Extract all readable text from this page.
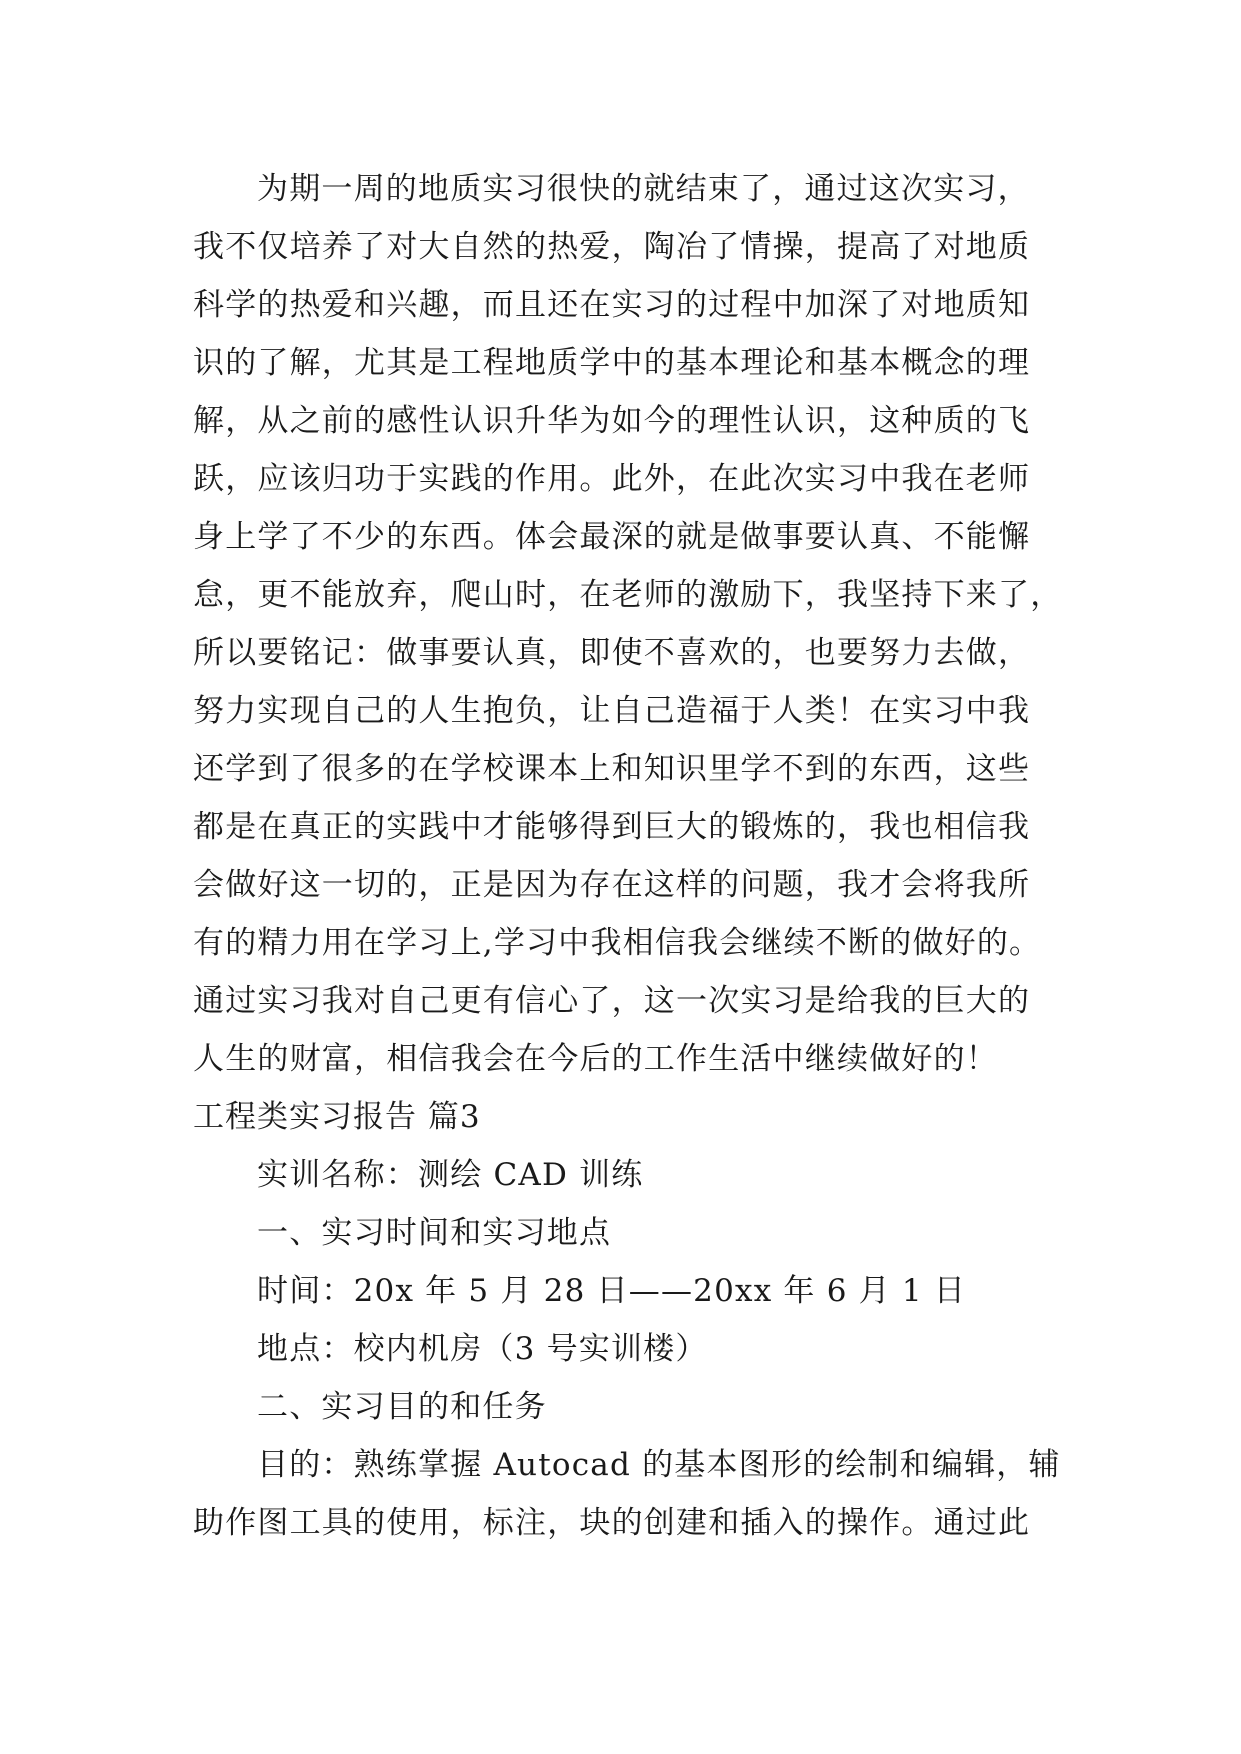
为期一周的地质实习很快的就结束了，通过这次实习，
我不仅培养了对大自然的热爱，陶冶了情操，提高了对地质
科学的热爱和兴趣，而且还在实习的过程中加深了对地质知
识的了解，尤其是工程地质学中的基本理论和基本概念的理
解，从之前的感性认识升华为如今的理性认识，这种质的飞
跃，应该归功于实践的作用。此外，在此次实习中我在老师
身上学了不少的东西。体会最深的就是做事要认真、不能懈
怠，更不能放弃，爬山时，在老师的激励下，我坚持下来了，
所以要铭记：做事要认真，即使不喜欢的，也要努力去做，
努力实现自己的人生抱负，让自己造福于人类！在实习中我
还学到了很多的在学校课本上和知识里学不到的东西，这些
都是在真正的实践中才能够得到巨大的锻炼的，我也相信我
会做好这一切的，正是因为存在这样的问题，我才会将我所
有的精力用在学习上,学习中我相信我会继续不断的做好的。
通过实习我对自己更有信心了，这一次实习是给我的巨大的
人生的财富，相信我会在今后的工作生活中继续做好的！
工程类实习报告 篇3
实训名称：测绘 CAD 训练
一、实习时间和实习地点
时间：20x 年 5 月 28 日——20xx 年 6 月 1 日
地点：校内机房（3 号实训楼）
二、实习目的和任务
目的：熟练掌握 Autocad 的基本图形的绘制和编辑，辅
助作图工具的使用，标注，块的创建和插入的操作。通过此
